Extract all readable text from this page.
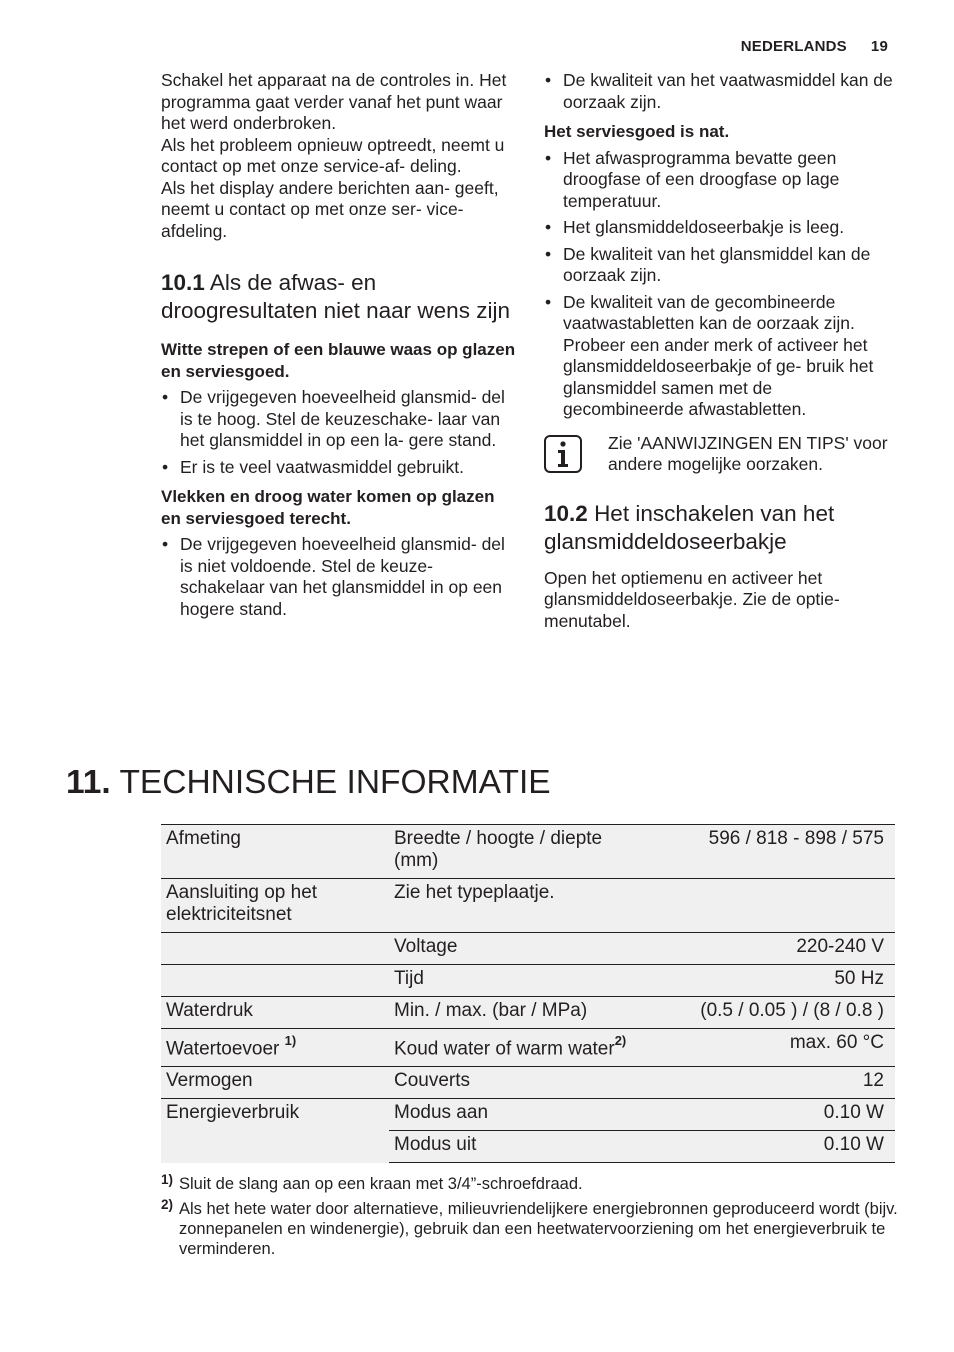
NEDERLANDS 19

Schakel het apparaat na de controles in. Het programma gaat verder vanaf het punt waar het werd onderbroken.

Als het probleem opnieuw optreedt, neemt u contact op met onze service-af- deling.

Als het display andere berichten aan- geeft, neemt u contact op met onze ser- vice-afdeling.

10.1 Als de afwas- en droogresultaten niet naar wens zijn

Witte strepen of een blauwe waas op glazen en serviesgoed.

• De vrijgegeven hoeveelheid glansmid- del is te hoog. Stel de keuzeschake- laar van het glansmiddel in op een la- gere stand.
• Er is te veel vaatwasmiddel gebruikt.

Vlekken en droog water komen op glazen en serviesgoed terecht.

• De vrijgegeven hoeveelheid glansmid- del is niet voldoende. Stel de keuze- schakelaar van het glansmiddel in op een hogere stand.
• De kwaliteit van het vaatwasmiddel kan de oorzaak zijn.

Het serviesgoed is nat.

• Het afwasprogramma bevatte geen droogfase of een droogfase op lage temperatuur.
• Het glansmiddeldoseerbakje is leeg.
• De kwaliteit van het glansmiddel kan de oorzaak zijn.
• De kwaliteit van de gecombineerde vaatwastabletten kan de oorzaak zijn. Probeer een ander merk of activeer het glansmiddeldoseerbakje of ge- bruik het glansmiddel samen met de gecombineerde afwastabletten.
Zie 'AANWIJZINGEN EN TIPS' voor andere mogelijke oorzaken.
10.2 Het inschakelen van het glansmiddeldoseerbakje

Open het optiemenu en activeer het glansmiddeldoseerbakje. Zie de optie- menutabel.

11. TECHNISCHE INFORMATIE
Afmeting	Breedte / hoogte / diepte (mm)	596 / 818 - 898 / 575
Aansluiting op het elektriciteitsnet	Zie het typeplaatje.	
	Voltage	220-240 V
	Tijd	50 Hz
Waterdruk	Min. / max. (bar / MPa)	(0.5 / 0.05 ) / (8 / 0.8 )
Watertoevoer $^{1)}$	Koud water of warm water$^{2)}$	max. 60 °C
Vermogen	Couverts	12
Energieverbruik	Modus aan	0.10 W
	Modus uit	0.10 W
1) Sluit de slang aan op een kraan met 3/4”-schroefdraad.
2) Als het hete water door alternatieve, milieuvriendelijkere energiebronnen geproduceerd wordt (bijv. zonnepanelen en windenergie), gebruik dan een heetwatervoorziening om het energieverbruik te verminderen.
